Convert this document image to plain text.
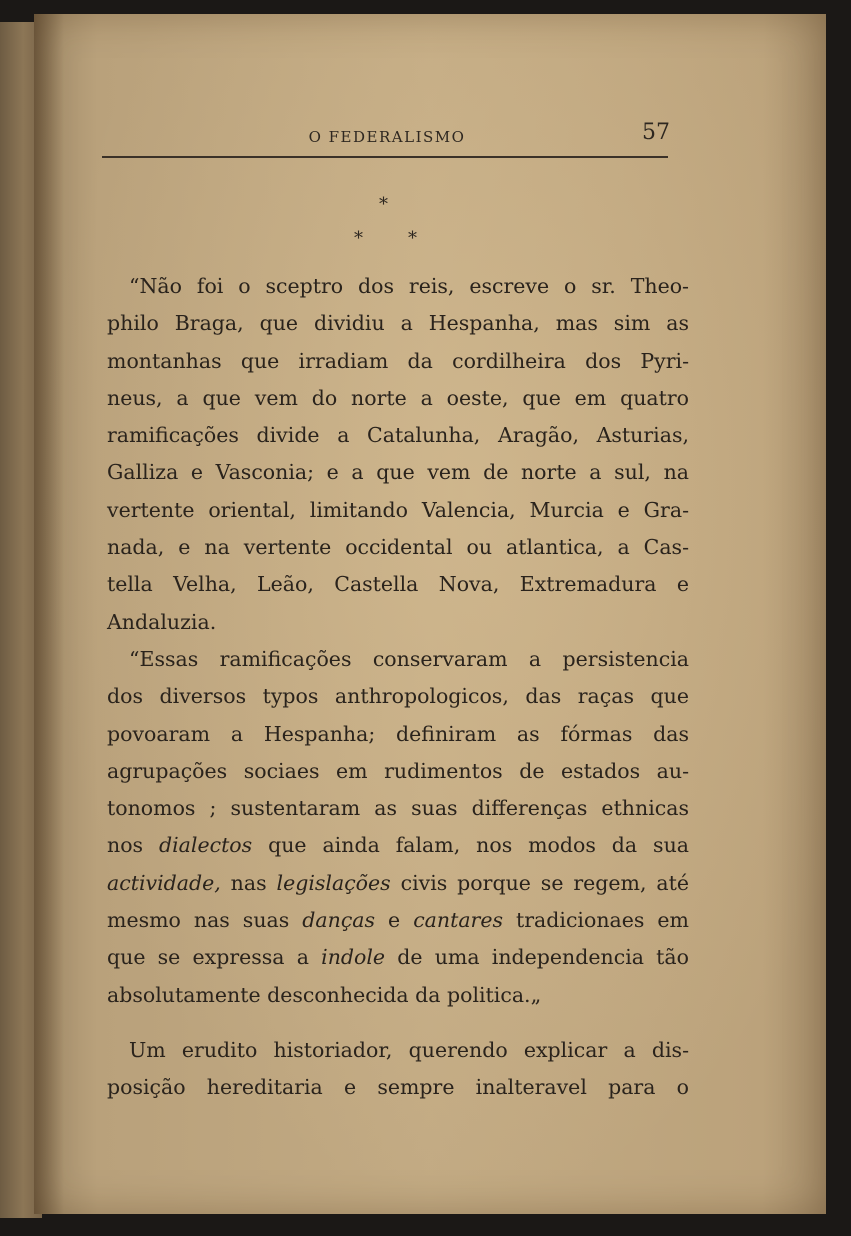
O FEDERALISMO	57
*
*	*
“Não foi o sceptro dos reis, escreve o sr. Theo-
philo Braga, que dividiu a Hespanha, mas sim as
montanhas que irradiam da cordilheira dos Pyri-
neus, a que vem do norte a oeste, que em quatro
ramificações divide a Catalunha, Aragão, Asturias,
Galliza e Vasconia; e a que vem de norte a sul, na
vertente oriental, limitando Valencia, Murcia e Gra-
nada, e na vertente occidental ou atlantica, a Cas-
tella Velha, Leão, Castella Nova, Extremadura e
Andaluzia.
“Essas ramificações conservaram a persistencia
dos diversos typos anthropologicos, das raças que
povoaram a Hespanha; definiram as fórmas das
agrupações sociaes em rudimentos de estados au-
tonomos ; sustentaram as suas differenças ethnicas
nos dialectos que ainda falam, nos modos da sua
actividade, nas legislações civis porque se regem, até
mesmo nas suas danças e cantares tradicionaes em
que se expressa a indole de uma independencia tão
absolutamente desconhecida da politica.„
Um erudito historiador, querendo explicar a dis-
posição hereditaria e sempre inalteravel para o
